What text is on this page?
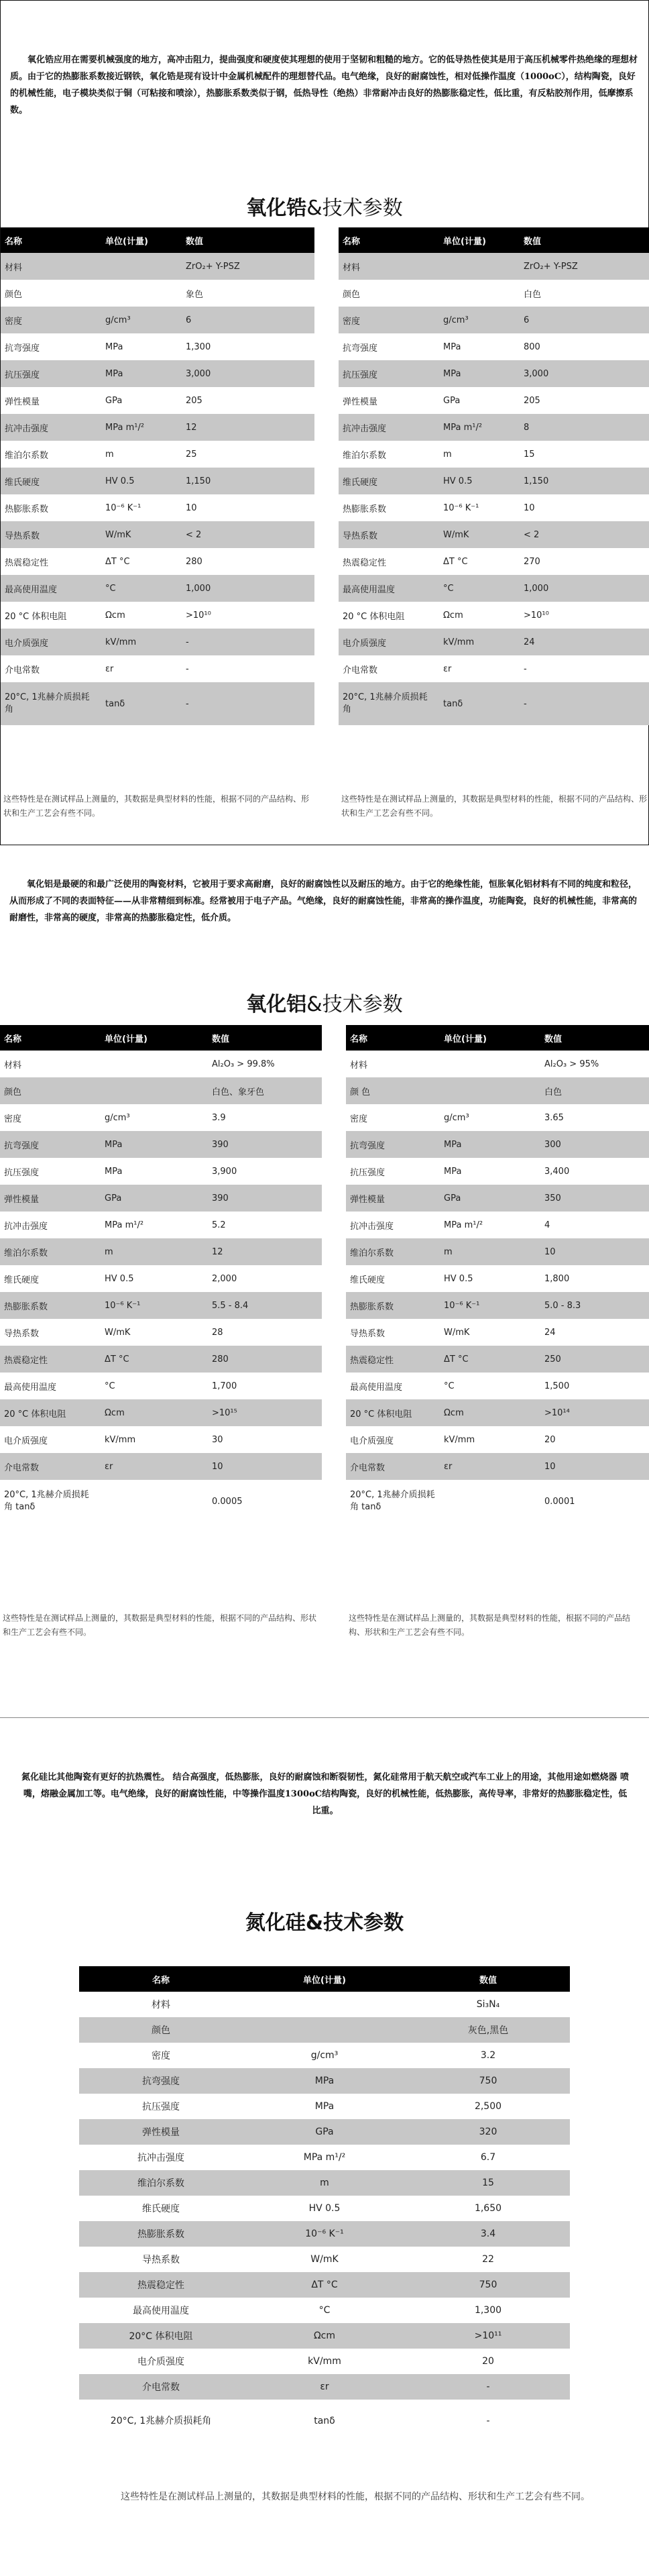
氧化锆应用在需要机械强度的地方，高冲击阻力，提曲强度和硬度使其理想的使用于坚韧和粗糙的地方。它的低导热性使其是用于高压机械零件热绝缘的理想材质。由于它的热膨胀系数接近钢铁，氧化锆是现有设计中金属机械配件的理想替代品。电气绝缘，良好的耐腐蚀性，相对低操作温度（1000oC），结构陶瓷，良好的机械性能，电子模块类似于铜（可粘接和喷涂），热膨胀系数类似于钢，低热导性（绝热）非常耐冲击良好的热膨胀稳定性，低比重，有反粘胶剂作用，低摩擦系数。
氧化锆&技术参数
名称	单位(计量)	数值
材料		ZrO₂+ Y-PSZ
颜色		象色
密度	g/cm³	6
抗弯强度	MPa	1,300
抗压强度	MPa	3,000
弹性模量	GPa	205
抗冲击强度	MPa m¹/²	12
维泊尔系数	m	25
维氏硬度	HV 0.5	1,150
热膨胀系数	10⁻⁶ K⁻¹	10
导热系数	W/mK	< 2
热震稳定性	ΔT °C	280
最高使用温度	°C	1,000
20 °C 体积电阻	Ωcm	>10¹⁰
电介质强度	kV/mm	-
介电常数	εr	-
20°C, 1兆赫介质损耗角	tanδ	-
名称	单位(计量)	数值
材料		ZrO₂+ Y-PSZ
颜色		白色
密度	g/cm³	6
抗弯强度	MPa	800
抗压强度	MPa	3,000
弹性模量	GPa	205
抗冲击强度	MPa m¹/²	8
维泊尔系数	m	15
维氏硬度	HV 0.5	1,150
热膨胀系数	10⁻⁶ K⁻¹	10
导热系数	W/mK	< 2
热震稳定性	ΔT °C	270
最高使用温度	°C	1,000
20 °C 体积电阻	Ωcm	>10¹⁰
电介质强度	kV/mm	24
介电常数	εr	-
20°C, 1兆赫介质损耗角	tanδ	-
这些特性是在测试样品上测量的，其数据是典型材料的性能，根据不同的产品结构、形状和生产工艺会有些不同。
这些特性是在测试样品上测量的，其数据是典型材料的性能，根据不同的产品结构、形状和生产工艺会有些不同。
氧化铝是最硬的和最广泛使用的陶瓷材料，它被用于要求高耐磨，良好的耐腐蚀性以及耐压的地方。由于它的绝缘性能，恒胀氧化铝材料有不同的纯度和粒径，从而形成了不同的表面特征——从非常精细到标准。经常被用于电子产品。气绝缘，良好的耐腐蚀性能，非常高的操作温度，功能陶瓷，良好的机械性能，非常高的耐磨性，非常高的硬度，非常高的热膨胀稳定性，低介质。
氧化铝&技术参数
名称	单位(计量)	数值
材料		Al₂O₃ > 99.8%
颜色		白色、象牙色
密度	g/cm³	3.9
抗弯强度	MPa	390
抗压强度	MPa	3,900
弹性模量	GPa	390
抗冲击强度	MPa m¹/²	5.2
维泊尔系数	m	12
维氏硬度	HV 0.5	2,000
热膨胀系数	10⁻⁶ K⁻¹	5.5 - 8.4
导热系数	W/mK	28
热震稳定性	ΔT °C	280
最高使用温度	°C	1,700
20 °C 体积电阻	Ωcm	>10¹⁵
电介质强度	kV/mm	30
介电常数	εr	10
20°C, 1兆赫介质损耗角 tanδ		0.0005
名称	单位(计量)	数值
材料		Al₂O₃ > 95%
颜 色		白色
密度	g/cm³	3.65
抗弯强度	MPa	300
抗压强度	MPa	3,400
弹性模量	GPa	350
抗冲击强度	MPa m¹/²	4
维泊尔系数	m	10
维氏硬度	HV 0.5	1,800
热膨胀系数	10⁻⁶ K⁻¹	5.0 - 8.3
导热系数	W/mK	24
热震稳定性	ΔT °C	250
最高使用温度	°C	1,500
20 °C 体积电阻	Ωcm	>10¹⁴
电介质强度	kV/mm	20
介电常数	εr	10
20°C, 1兆赫介质损耗角 tanδ		0.0001
这些特性是在测试样品上测量的，其数据是典型材料的性能，根据不同的产品结构、形状和生产工艺会有些不同。
这些特性是在测试样品上测量的，其数据是典型材料的性能，根据不同的产品结构、形状和生产工艺会有些不同。
氮化硅比其他陶瓷有更好的抗热震性。 结合高强度，低热膨胀，良好的耐腐蚀和断裂韧性，氮化硅常用于航天航空或汽车工业上的用途，其他用途如燃烧器 喷嘴，熔融金属加工等。电气绝缘，良好的耐腐蚀性能，中等操作温度1300oC结构陶瓷，良好的机械性能，低热膨胀，高传导率，非常好的热膨胀稳定性，低比重。
氮化硅&技术参数
名称	单位(计量)	数值
材料		Si₃N₄
颜色		灰色,黑色
密度	g/cm³	3.2
抗弯强度	MPa	750
抗压强度	MPa	2,500
弹性模量	GPa	320
抗冲击强度	MPa m¹/²	6.7
维泊尔系数	m	15
维氏硬度	HV 0.5	1,650
热膨胀系数	10⁻⁶ K⁻¹	3.4
导热系数	W/mK	22
热震稳定性	ΔT °C	750
最高使用温度	°C	1,300
20°C 体积电阻	Ωcm	>10¹¹
电介质强度	kV/mm	20
介电常数	εr	-
20°C, 1兆赫介质损耗角	tanδ	-
这些特性是在测试样品上测量的，其数据是典型材料的性能，根据不同的产品结构、形状和生产工艺会有些不同。
